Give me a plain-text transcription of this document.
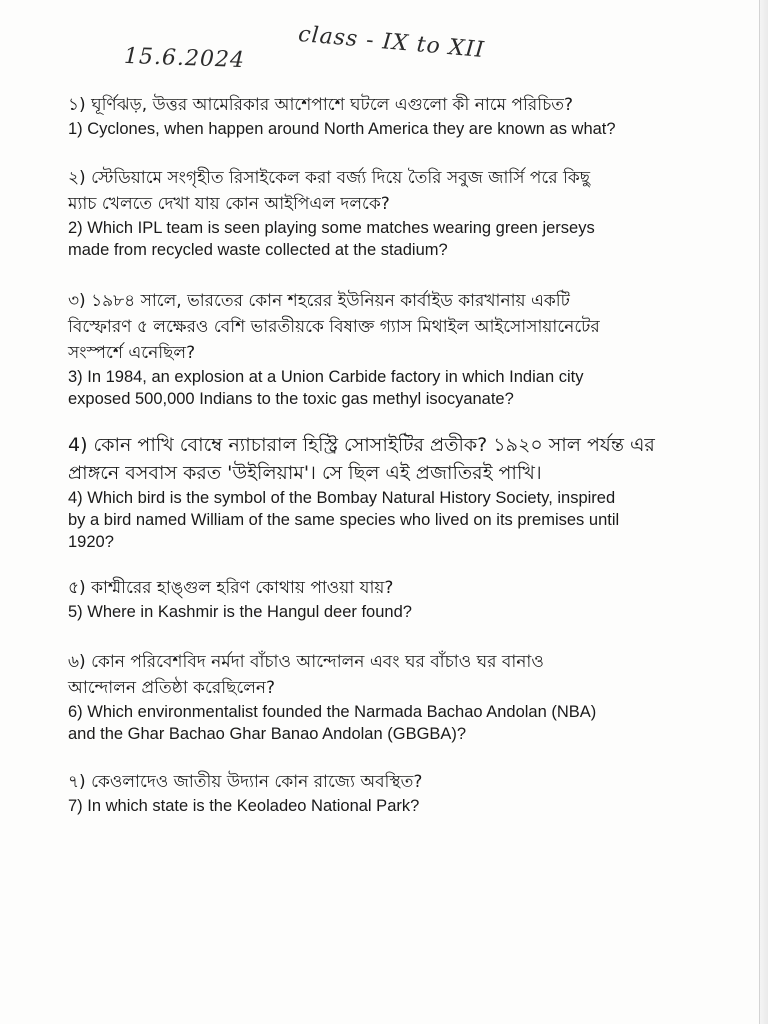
15.6.2024 class - IX to XII

১) ঘূর্ণিঝড়, উত্তর আমেরিকার আশেপাশে ঘটলে এগুলো কী নামে পরিচিত?

1) Cyclones, when happen around North America they are known as what?

২) স্টেডিয়ামে সংগৃহীত রিসাইকেল করা বর্জ্য দিয়ে তৈরি সবুজ জার্সি পরে কিছু

ম্যাচ খেলতে দেখা যায় কোন আইপিএল দলকে?

2) Which IPL team is seen playing some matches wearing green jerseys

made from recycled waste collected at the stadium?

৩) ১৯৮৪ সালে, ভারতের কোন শহরের ইউনিয়ন কার্বাইড কারখানায় একটি

বিস্ফোরণ ৫ লক্ষেরও বেশি ভারতীয়কে বিষাক্ত গ্যাস মিথাইল আইসোসায়ানেটের

সংস্পর্শে এনেছিল?

3) In 1984, an explosion at a Union Carbide factory in which Indian city

exposed 500,000 Indians to the toxic gas methyl isocyanate?

4) কোন পাখি বোম্বে ন্যাচারাল হিস্ট্রি সোসাইটির প্রতীক? ১৯২০ সাল পর্যন্ত এর

প্রাঙ্গনে বসবাস করত 'উইলিয়াম'। সে ছিল এই প্রজাতিরই পাখি।

4) Which bird is the symbol of the Bombay Natural History Society, inspired

by a bird named William of the same species who lived on its premises until

1920?

৫) কাশ্মীরের হাঙ্গুল হরিণ কোথায় পাওয়া যায়?

5) Where in Kashmir is the Hangul deer found?

৬) কোন পরিবেশবিদ নর্মদা বাঁচাও আন্দোলন এবং ঘর বাঁচাও ঘর বানাও

আন্দোলন প্রতিষ্ঠা করেছিলেন?

6) Which environmentalist founded the Narmada Bachao Andolan (NBA)

and the Ghar Bachao Ghar Banao Andolan (GBGBA)?

৭) কেওলাদেও জাতীয় উদ্যান কোন রাজ্যে অবস্থিত?

7) In which state is the Keoladeo National Park?
